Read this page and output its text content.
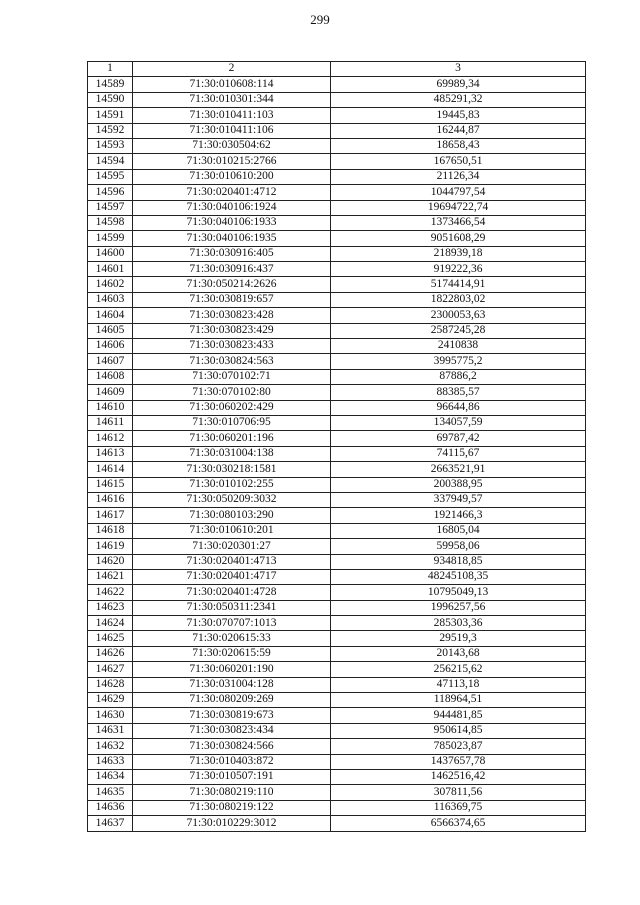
299
1	2	3
14589	71:30:010608:114	69989,34
14590	71:30:010301:344	485291,32
14591	71:30:010411:103	19445,83
14592	71:30:010411:106	16244,87
14593	71:30:030504:62	18658,43
14594	71:30:010215:2766	167650,51
14595	71:30:010610:200	21126,34
14596	71:30:020401:4712	1044797,54
14597	71:30:040106:1924	19694722,74
14598	71:30:040106:1933	1373466,54
14599	71:30:040106:1935	9051608,29
14600	71:30:030916:405	218939,18
14601	71:30:030916:437	919222,36
14602	71:30:050214:2626	5174414,91
14603	71:30:030819:657	1822803,02
14604	71:30:030823:428	2300053,63
14605	71:30:030823:429	2587245,28
14606	71:30:030823:433	2410838
14607	71:30:030824:563	3995775,2
14608	71:30:070102:71	87886,2
14609	71:30:070102:80	88385,57
14610	71:30:060202:429	96644,86
14611	71:30:010706:95	134057,59
14612	71:30:060201:196	69787,42
14613	71:30:031004:138	74115,67
14614	71:30:030218:1581	2663521,91
14615	71:30:010102:255	200388,95
14616	71:30:050209:3032	337949,57
14617	71:30:080103:290	1921466,3
14618	71:30:010610:201	16805,04
14619	71:30:020301:27	59958,06
14620	71:30:020401:4713	934818,85
14621	71:30:020401:4717	48245108,35
14622	71:30:020401:4728	10795049,13
14623	71:30:050311:2341	1996257,56
14624	71:30:070707:1013	285303,36
14625	71:30:020615:33	29519,3
14626	71:30:020615:59	20143,68
14627	71:30:060201:190	256215,62
14628	71:30:031004:128	47113,18
14629	71:30:080209:269	118964,51
14630	71:30:030819:673	944481,85
14631	71:30:030823:434	950614,85
14632	71:30:030824:566	785023,87
14633	71:30:010403:872	1437657,78
14634	71:30:010507:191	1462516,42
14635	71:30:080219:110	307811,56
14636	71:30:080219:122	116369,75
14637	71:30:010229:3012	6566374,65
